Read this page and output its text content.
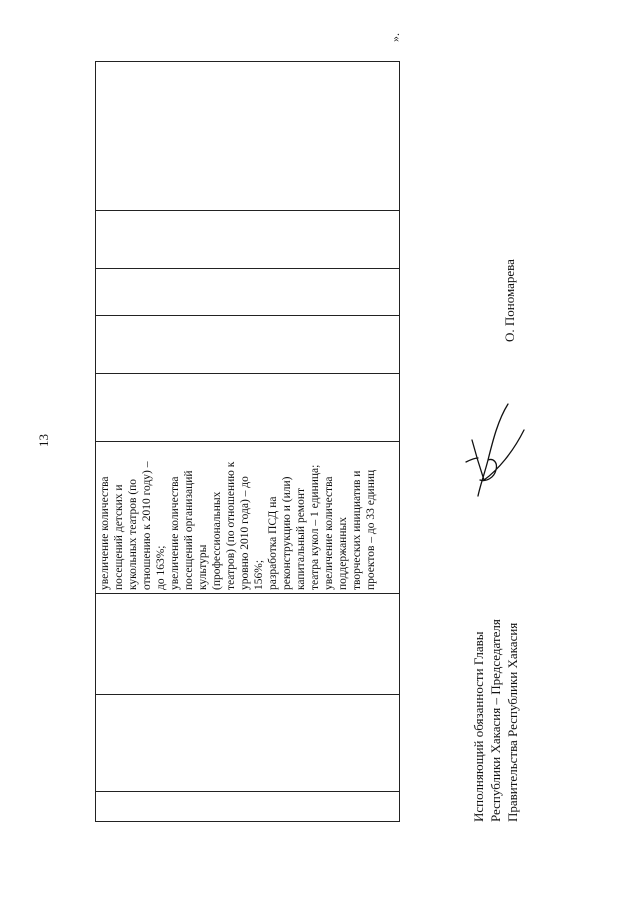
13
».
			увеличение количества
посещений детских и
кукольных театров (по
отношению к 2010 году) –
до 163%;
увеличение количества
посещений организаций
культуры
(профессиональных
театров) (по отношению к
уровню 2010 года) – до
156%;
разработка ПСД на
реконструкцию и (или)
капитальный ремонт
театра кукол – 1 единица;
увеличение количества
поддержанных
творческих инициатив и
проектов – до 33 единиц					
Исполняющий обязанности Главы Республики Хакасия – Председателя Правительства Республики Хакасия
О. Пономарева
